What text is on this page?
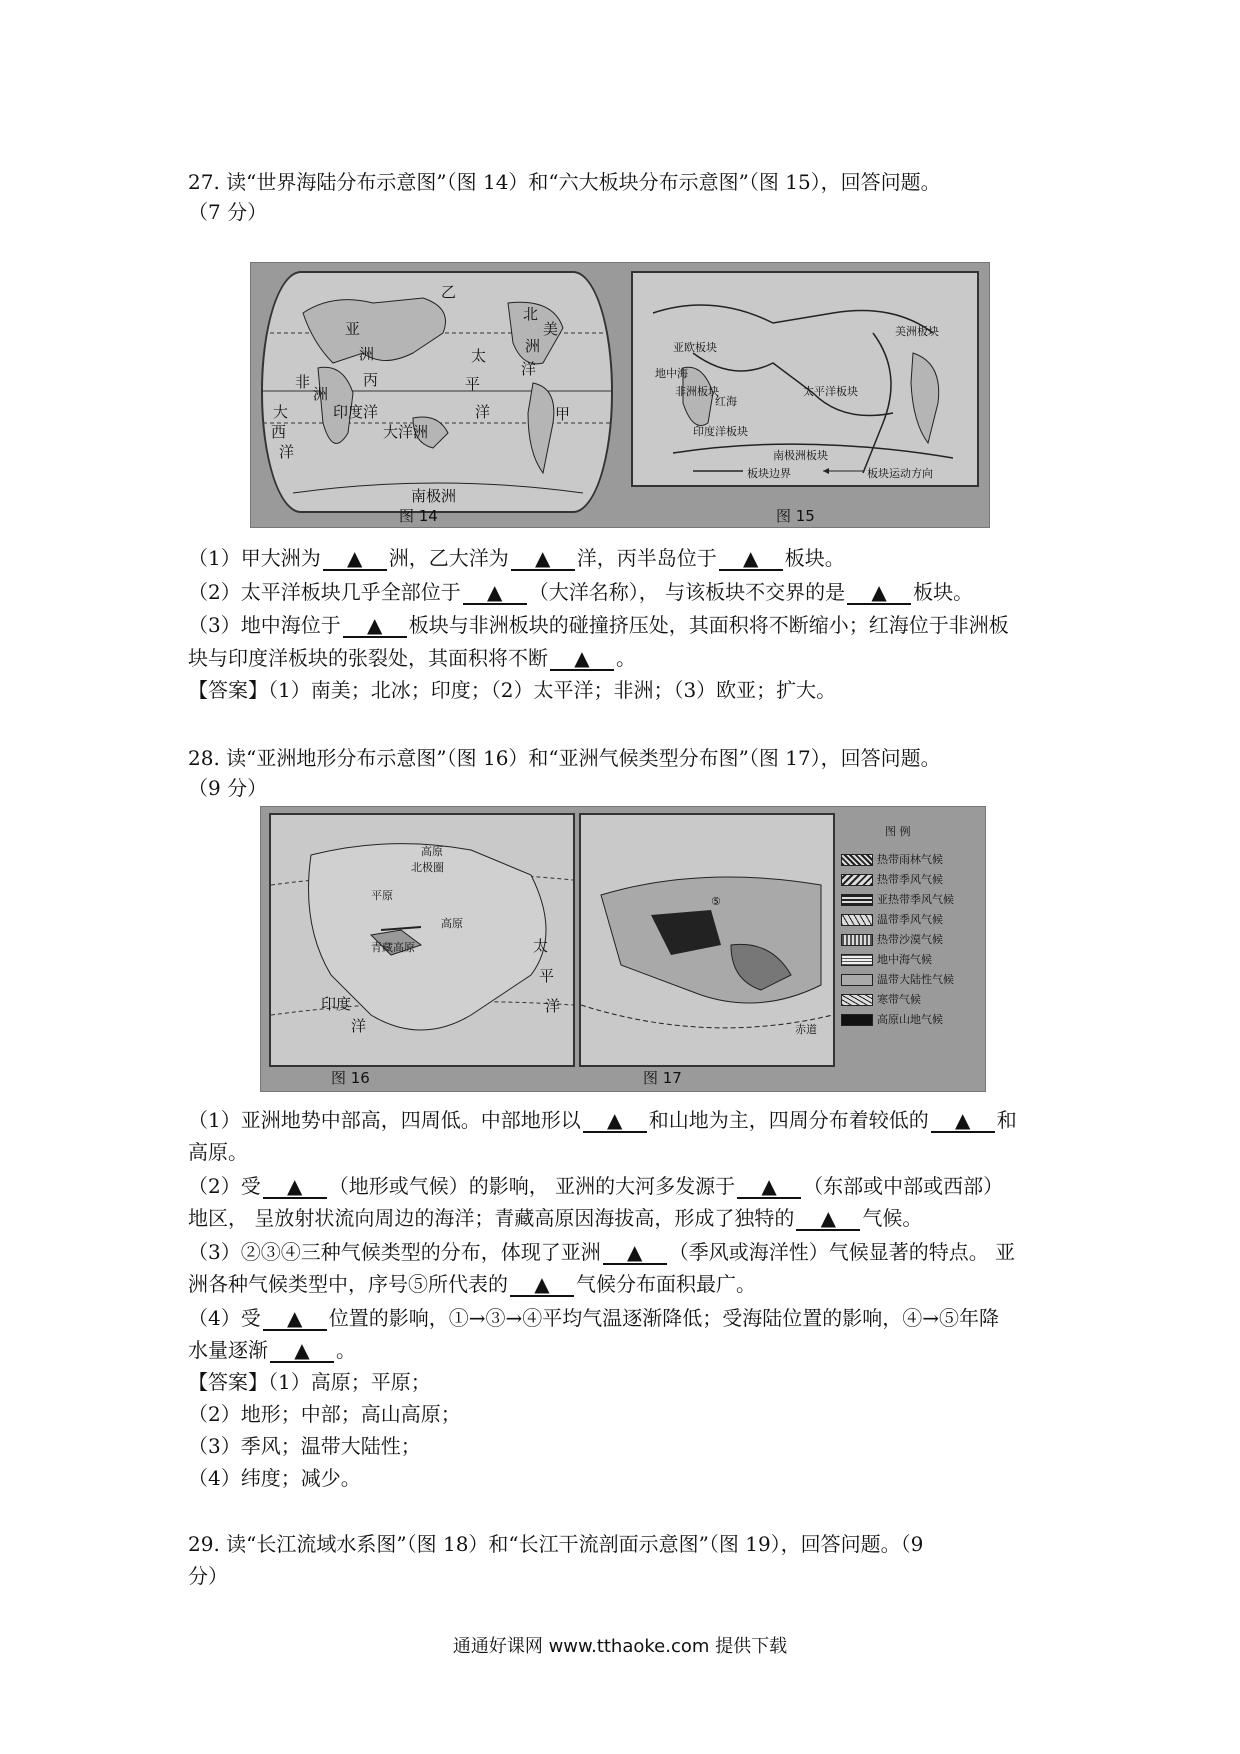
27. 读“世界海陆分布示意图”（图 14）和“六大板块分布示意图”（图 15），回答问题。
（7 分）
乙
亚
洲
北
美
洲
太
平
洋
非
洲
大
西
洋
印度洋
大洋洲
甲
洋
丙
南极洲
图 14
亚欧板块
太平洋板块
印度洋板块
非洲板块
南极洲板块
美洲板块
地中海
红海
板块边界	板块运动方向
图 15
（1）甲大洲为 ▲ 洲，乙大洋为 ▲ 洋，丙半岛位于 ▲ 板块。
（2）太平洋板块几乎全部位于 ▲ （大洋名称）， 与该板块不交界的是 ▲ 板块。
（3）地中海位于 ▲ 板块与非洲板块的碰撞挤压处，其面积将不断缩小；红海位于非洲板
块与印度洋板块的张裂处，其面积将不断 ▲ 。
【答案】（1）南美；北冰；印度；（2）太平洋；非洲；（3）欧亚；扩大。
28. 读“亚洲地形分布示意图”（图 16）和“亚洲气候类型分布图”（图 17），回答问题。
（9 分）
高原
北极圈
平原
青藏高原
高原
印度
洋
太
平
洋
图 16
⑤
赤道
图 17
图 例
热带雨林气候
热带季风气候
亚热带季风气候
温带季风气候
热带沙漠气候
地中海气候
温带大陆性气候
寒带气候
高原山地气候
（1）亚洲地势中部高，四周低。中部地形以 ▲ 和山地为主，四周分布着较低的 ▲ 和
高原。
（2）受 ▲ （地形或气候）的影响， 亚洲的大河多发源于 ▲ （东部或中部或西部）
地区， 呈放射状流向周边的海洋；青藏高原因海拔高，形成了独特的 ▲ 气候。
（3）②③④三种气候类型的分布，体现了亚洲 ▲ （季风或海洋性）气候显著的特点。 亚
洲各种气候类型中，序号⑤所代表的 ▲ 气候分布面积最广。
（4）受 ▲ 位置的影响，①→③→④平均气温逐渐降低；受海陆位置的影响，④→⑤年降
水量逐渐 ▲ 。
【答案】（1）高原；平原；
（2）地形；中部；高山高原；
（3）季风；温带大陆性；
（4）纬度；减少。
29. 读“长江流域水系图”（图 18）和“长江干流剖面示意图”（图 19），回答问题。（9
分）
通通好课网 www.tthaoke.com 提供下载
